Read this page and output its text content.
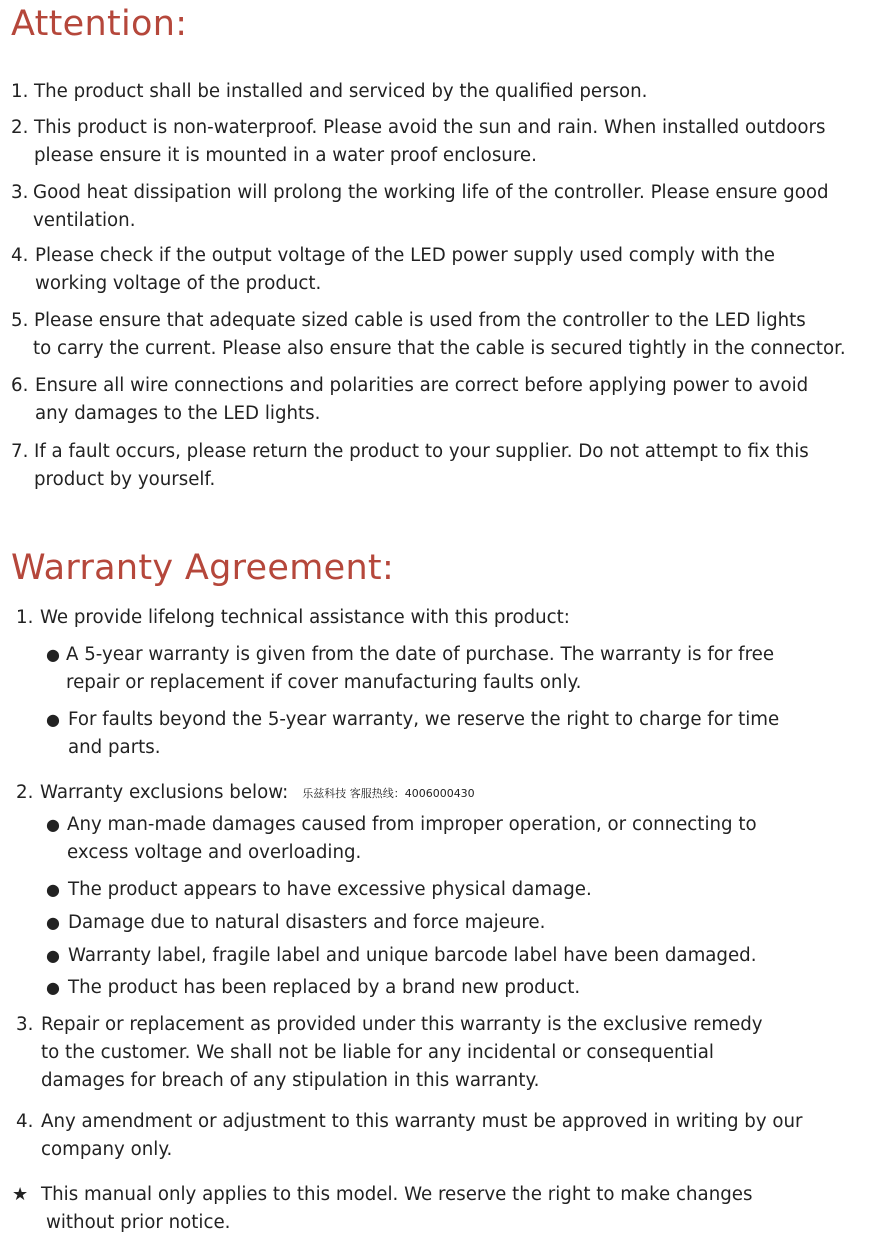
Attention:
1. The product shall be installed and serviced by the qualified person.
2. This product is non-waterproof. Please avoid the sun and rain. When installed outdoors
please ensure it is mounted in a water proof enclosure.
3. Good heat dissipation will prolong the working life of the controller. Please ensure good
ventilation.
4. Please check if the output voltage of the LED power supply used comply with the
working voltage of the product.
5. Please ensure that adequate sized cable is used from the controller to the LED lights
to carry the current. Please also ensure that the cable is secured tightly in the connector.
6. Ensure all wire connections and polarities are correct before applying power to avoid
any damages to the LED lights.
7. If a fault occurs, please return the product to your supplier. Do not attempt to fix this
product by yourself.
Warranty Agreement:
1. We provide lifelong technical assistance with this product:
● A 5-year warranty is given from the date of purchase. The warranty is for free
repair or replacement if cover manufacturing faults only.
● For faults beyond the 5-year warranty, we reserve the right to charge for time
and parts.
2. Warranty exclusions below: 乐兹科技 客服热线：4006000430
● Any man-made damages caused from improper operation, or connecting to
excess voltage and overloading.
● The product appears to have excessive physical damage.
● Damage due to natural disasters and force majeure.
● Warranty label, fragile label and unique barcode label have been damaged.
● The product has been replaced by a brand new product.
3. Repair or replacement as provided under this warranty is the exclusive remedy
to the customer. We shall not be liable for any incidental or consequential
damages for breach of any stipulation in this warranty.
4. Any amendment or adjustment to this warranty must be approved in writing by our
company only.
★ This manual only applies to this model. We reserve the right to make changes
without prior notice.
